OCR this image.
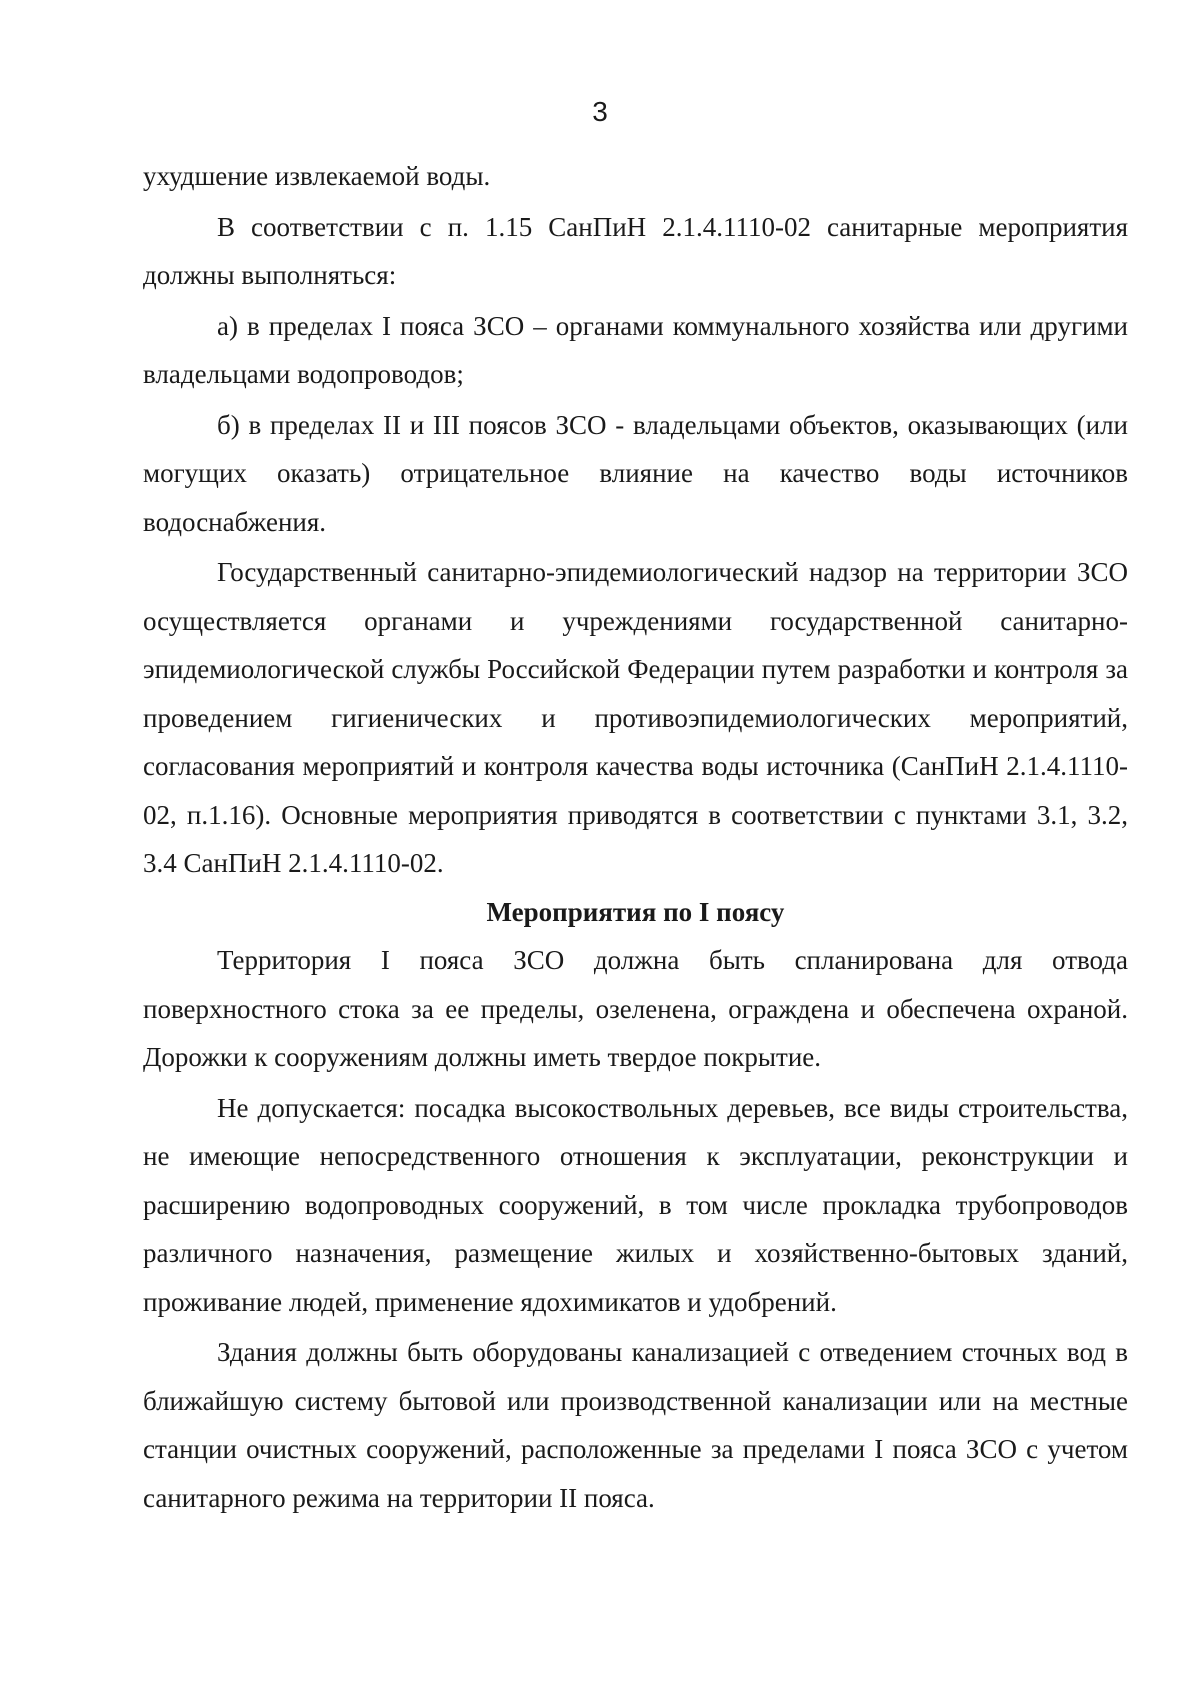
3

ухудшение извлекаемой воды.

В соответствии с п. 1.15 СанПиН 2.1.4.1110-02 санитарные мероприятия должны выполняться:

а) в пределах I пояса ЗСО – органами коммунального хозяйства или другими владельцами водопроводов;

б) в пределах II и III поясов ЗСО - владельцами объектов, оказывающих (или могущих оказать) отрицательное влияние на качество воды источников водоснабжения.

Государственный санитарно-эпидемиологический надзор на территории ЗСО осуществляется органами и учреждениями государственной санитарно-эпидемиологической службы Российской Федерации путем разработки и контроля за проведением гигиенических и противоэпидемиологических мероприятий, согласования мероприятий и контроля качества воды источника (СанПиН 2.1.4.1110-02, п.1.16). Основные мероприятия приводятся в соответствии с пунктами 3.1, 3.2, 3.4 СанПиН 2.1.4.1110-02.

Мероприятия по I поясу

Территория I пояса ЗСО должна быть спланирована для отвода поверхностного стока за ее пределы, озеленена, ограждена и обеспечена охраной. Дорожки к сооружениям должны иметь твердое покрытие.

Не допускается: посадка высокоствольных деревьев, все виды строительства, не имеющие непосредственного отношения к эксплуатации, реконструкции и расширению водопроводных сооружений, в том числе прокладка трубопроводов различного назначения, размещение жилых и хозяйственно-бытовых зданий, проживание людей, применение ядохимикатов и удобрений.

Здания должны быть оборудованы канализацией с отведением сточных вод в ближайшую систему бытовой или производственной канализации или на местные станции очистных сооружений, расположенные за пределами I пояса ЗСО с учетом санитарного режима на территории II пояса.
